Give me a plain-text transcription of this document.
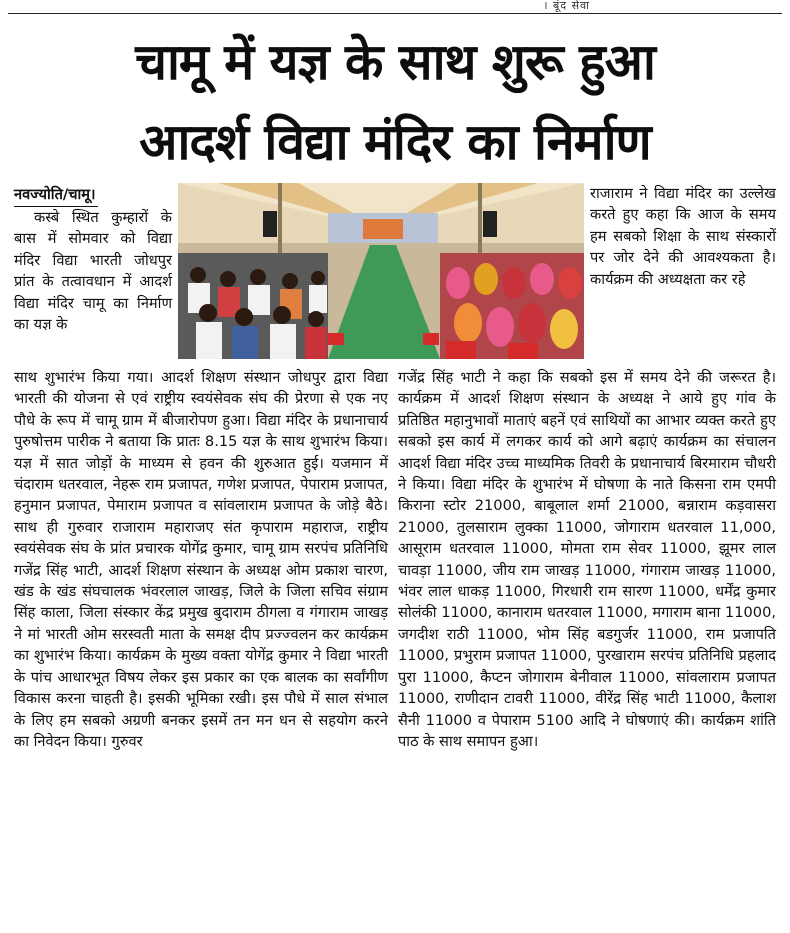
। बूंद सेवा
चामू में यज्ञ के साथ शुरू हुआ
आदर्श विद्या मंदिर का निर्माण
नवज्योति/चामू।
कस्बे स्थित कुम्हारों के बास में सोमवार को विद्या मंदिर विद्या भारती जोधपुर प्रांत के तत्वावधान में आदर्श विद्या मंदिर चामू का निर्माण का यज्ञ के
राजाराम ने विद्या मंदिर का उल्लेख करते हुए कहा कि आज के समय हम सबको शिक्षा के साथ संस्कारों पर जोर देने की आवश्यकता है। कार्यक्रम की अध्यक्षता कर रहे
साथ शुभारंभ किया गया। आदर्श शिक्षण संस्थान जोधपुर द्वारा विद्या भारती की योजना से एवं राष्ट्रीय स्वयंसेवक संघ की प्रेरणा से एक नए पौधे के रूप में चामू ग्राम में बीजारोपण हुआ। विद्या मंदिर के प्रधानाचार्य पुरुषोत्तम पारीक ने बताया कि प्रातः 8.15 यज्ञ के साथ शुभारंभ किया। यज्ञ में सात जोड़ों के माध्यम से हवन की शुरुआत हुई। यजमान में चंदाराम धतरवाल, नेहरू राम प्रजापत, गणेश प्रजापत, पेपाराम प्रजापत, हनुमान प्रजापत, पेमाराम प्रजापत व सांवलाराम प्रजापत के जोड़े बैठे। साथ ही गुरुवार राजाराम महाराजए संत कृपाराम महाराज, राष्ट्रीय स्वयंसेवक संघ के प्रांत प्रचारक योगेंद्र कुमार, चामू ग्राम सरपंच प्रतिनिधि गजेंद्र सिंह भाटी, आदर्श शिक्षण संस्थान के अध्यक्ष ओम प्रकाश चारण, खंड के खंड संघचालक भंवरलाल जाखड़, जिले के जिला सचिव संग्राम सिंह काला, जिला संस्कार केंद्र प्रमुख बुदाराम ठीगला व गंगाराम जाखड़ ने मां भारती ओम सरस्वती माता के समक्ष दीप प्रज्ज्वलन कर कार्यक्रम का शुभारंभ किया। कार्यक्रम के मुख्य वक्ता योगेंद्र कुमार ने विद्या भारती के पांच आधारभूत विषय लेकर इस प्रकार का एक बालक का सर्वांगीण विकास करना चाहती है। इसकी भूमिका रखी। इस पौधे में साल संभाल के लिए हम सबको अग्रणी बनकर इसमें तन मन धन से सहयोग करने का निवेदन किया। गुरुवर
गजेंद्र सिंह भाटी ने कहा कि सबको इस में समय देने की जरूरत है। कार्यक्रम में आदर्श शिक्षण संस्थान के अध्यक्ष ने आये हुए गांव के प्रतिष्ठित महानुभावों माताएं बहनें एवं साथियों का आभार व्यक्त करते हुए सबको इस कार्य में लगकर कार्य को आगे बढ़ाएं कार्यक्रम का संचालन आदर्श विद्या मंदिर उच्च माध्यमिक तिवरी के प्रधानाचार्य बिरमाराम चौधरी ने किया। विद्या मंदिर के शुभारंभ में घोषणा के नाते किसना राम एमपी किराना स्टोर 21000, बाबूलाल शर्मा 21000, बन्नाराम कड़वासरा 21000, तुलसाराम लुक्का 11000, जोगाराम धतरवाल 11,000, आसूराम धतरवाल 11000, मोमता राम सेवर 11000, झूमर लाल चावड़ा 11000, जीय राम जाखड़ 11000, गंगाराम जाखड़ 11000, भंवर लाल धाकड़ 11000, गिरधारी राम सारण 11000, धर्मेंद्र कुमार सोलंकी 11000, कानाराम धतरवाल 11000, मगाराम बाना 11000, जगदीश राठी 11000, भोम सिंह बडगुर्जर 11000, राम प्रजापति 11000, प्रभुराम प्रजापत 11000, पुरखाराम सरपंच प्रतिनिधि प्रहलाद पुरा 11000, कैप्टन जोगाराम बेनीवाल 11000, सांवलाराम प्रजापत 11000, राणीदान टावरी 11000, वीरेंद्र सिंह भाटी 11000, कैलाश सैनी 11000 व पेपाराम 5100 आदि ने घोषणाएं की। कार्यक्रम शांति पाठ के साथ समापन हुआ।
